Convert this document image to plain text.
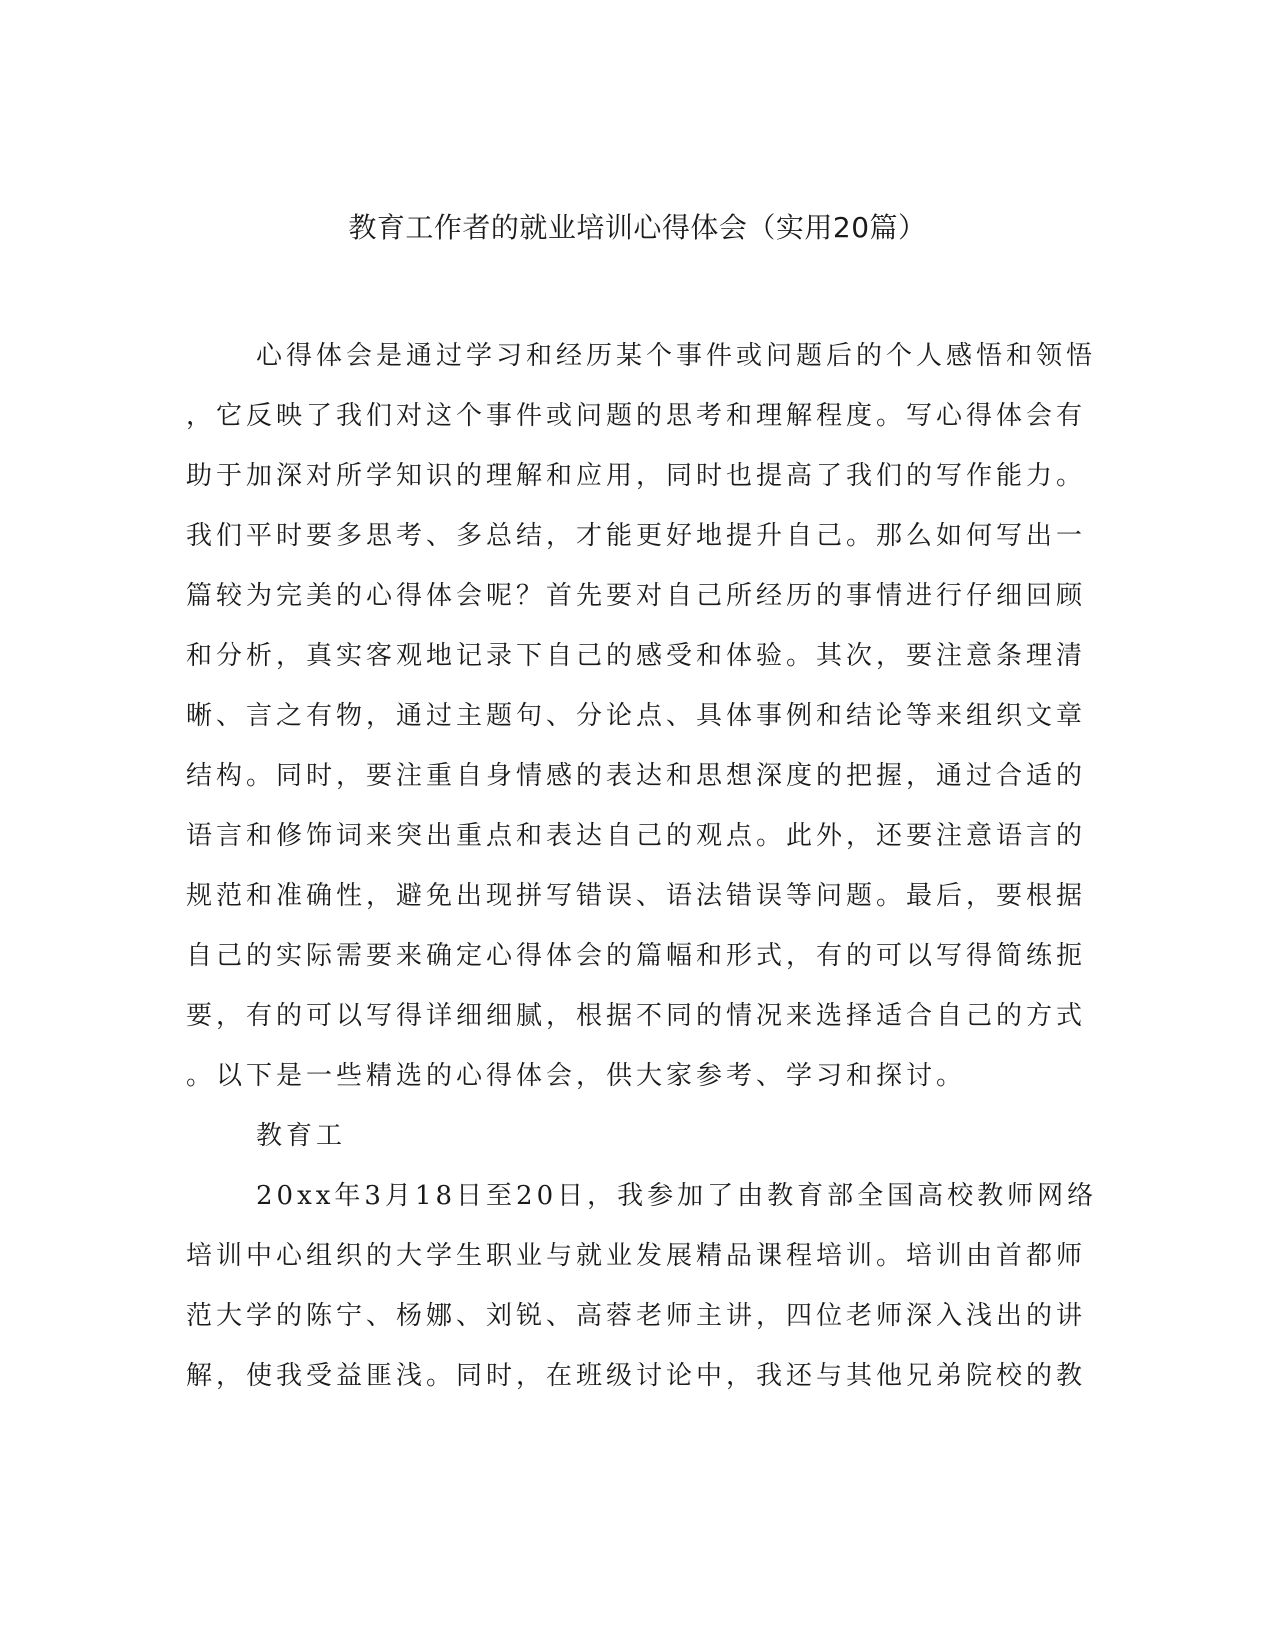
教育工作者的就业培训心得体会（实用20篇）
心得体会是通过学习和经历某个事件或问题后的个人感悟和领悟
，它反映了我们对这个事件或问题的思考和理解程度。写心得体会有
助于加深对所学知识的理解和应用，同时也提高了我们的写作能力。
我们平时要多思考、多总结，才能更好地提升自己。那么如何写出一
篇较为完美的心得体会呢？首先要对自己所经历的事情进行仔细回顾
和分析，真实客观地记录下自己的感受和体验。其次，要注意条理清
晰、言之有物，通过主题句、分论点、具体事例和结论等来组织文章
结构。同时，要注重自身情感的表达和思想深度的把握，通过合适的
语言和修饰词来突出重点和表达自己的观点。此外，还要注意语言的
规范和准确性，避免出现拼写错误、语法错误等问题。最后，要根据
自己的实际需要来确定心得体会的篇幅和形式，有的可以写得简练扼
要，有的可以写得详细细腻，根据不同的情况来选择适合自己的方式
。以下是一些精选的心得体会，供大家参考、学习和探讨。
教育工
20xx年3月18日至20日，我参加了由教育部全国高校教师网络
培训中心组织的大学生职业与就业发展精品课程培训。培训由首都师
范大学的陈宁、杨娜、刘锐、高蓉老师主讲，四位老师深入浅出的讲
解，使我受益匪浅。同时，在班级讨论中，我还与其他兄弟院校的教
